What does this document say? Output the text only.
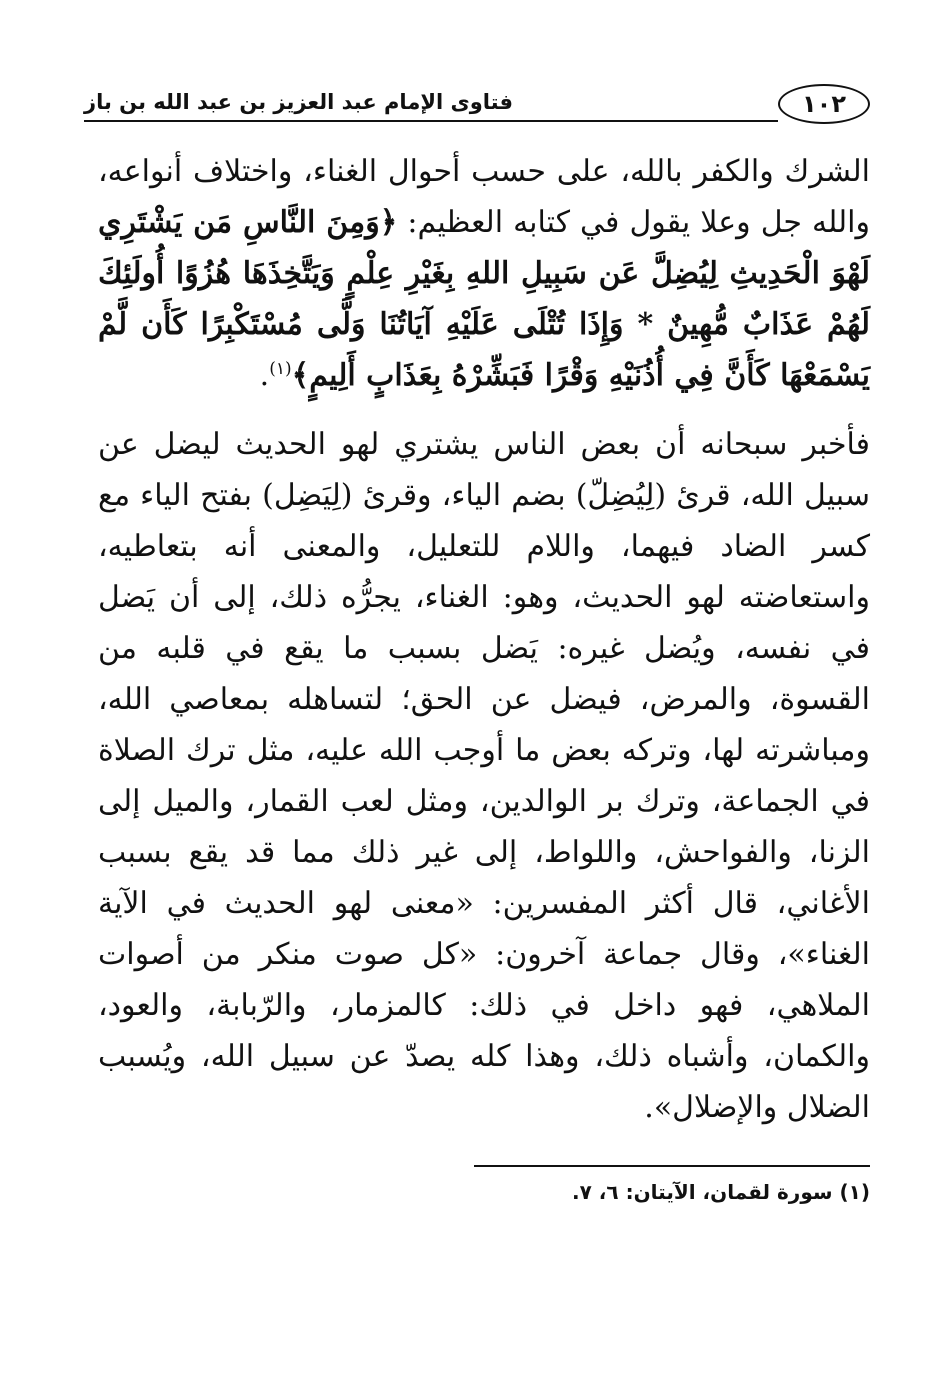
١٠٢
فتاوى الإمام عبد العزيز بن عبد الله بن باز

الشرك والكفر بالله، على حسب أحوال الغناء، واختلاف أنواعه، والله جل وعلا يقول في كتابه العظيم: ﴿وَمِنَ النَّاسِ مَن يَشْتَرِي لَهْوَ الْحَدِيثِ لِيُضِلَّ عَن سَبِيلِ اللهِ بِغَيْرِ عِلْمٍ وَيَتَّخِذَهَا هُزُوًا أُولَئِكَ لَهُمْ عَذَابٌ مُّهِينٌ * وَإِذَا تُتْلَى عَلَيْهِ آيَاتُنَا وَلَّى مُسْتَكْبِرًا كَأَن لَّمْ يَسْمَعْهَا كَأَنَّ فِي أُذُنَيْهِ وَقْرًا فَبَشِّرْهُ بِعَذَابٍ أَلِيمٍ﴾$^{(١)}$.

فأخبر سبحانه أن بعض الناس يشتري لهو الحديث ليضل عن سبيل الله، قرئ (لِيُضِلّ) بضم الياء، وقرئ (لِيَضِل) بفتح الياء مع كسر الضاد فيهما، واللام للتعليل، والمعنى أنه بتعاطيه، واستعاضته لهو الحديث، وهو: الغناء، يجرُّه ذلك، إلى أن يَضل في نفسه، ويُضل غيره: يَضل بسبب ما يقع في قلبه من القسوة، والمرض، فيضل عن الحق؛ لتساهله بمعاصي الله، ومباشرته لها، وتركه بعض ما أوجب الله عليه، مثل ترك الصلاة في الجماعة، وترك بر الوالدين، ومثل لعب القمار، والميل إلى الزنا، والفواحش، واللواط، إلى غير ذلك مما قد يقع بسبب الأغاني، قال أكثر المفسرين: «معنى لهو الحديث في الآية الغناء»، وقال جماعة آخرون: «كل صوت منكر من أصوات الملاهي، فهو داخل في ذلك: كالمزمار، والرّبابة، والعود، والكمان، وأشباه ذلك، وهذا كله يصدّ عن سبيل الله، ويُسبب الضلال والإضلال».

(١) سورة لقمان، الآيتان: ٦، ٧.
